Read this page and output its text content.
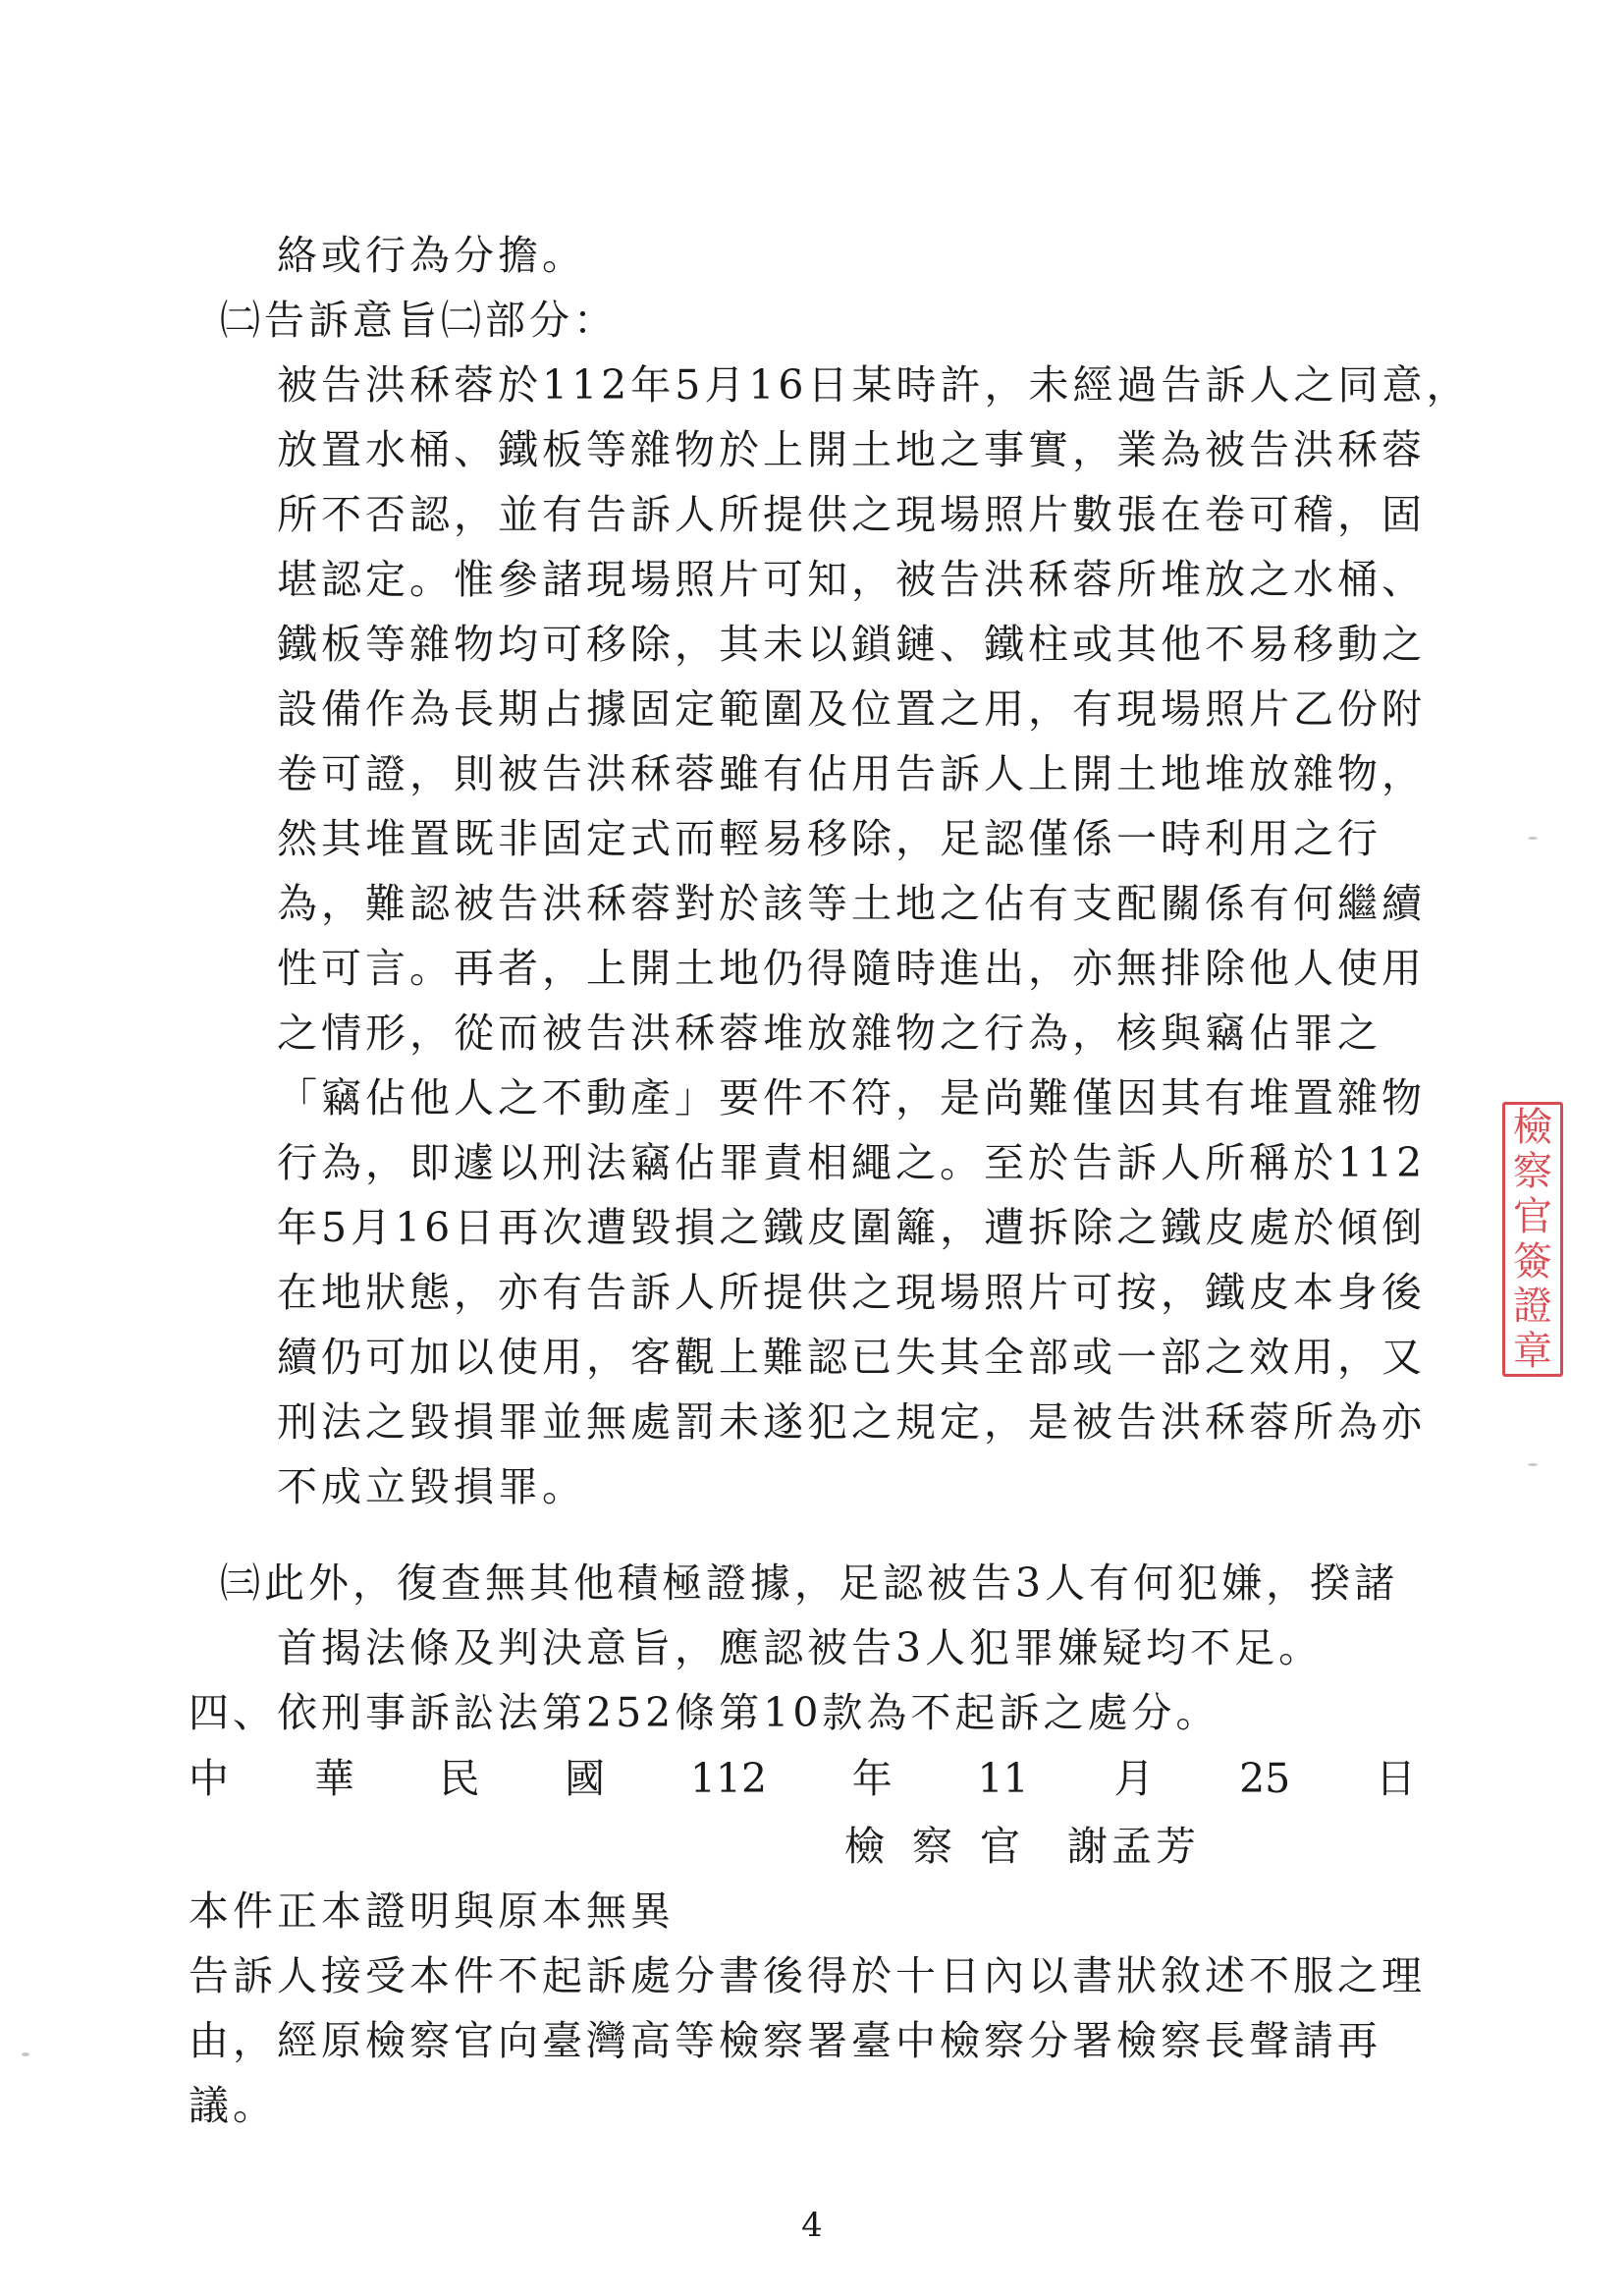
絡或行為分擔。
㈡告訴意旨㈡部分：
被告洪秝蓉於112年5月16日某時許，未經過告訴人之同意，
放置水桶、鐵板等雜物於上開土地之事實，業為被告洪秝蓉
所不否認，並有告訴人所提供之現場照片數張在卷可稽，固
堪認定。惟參諸現場照片可知，被告洪秝蓉所堆放之水桶、
鐵板等雜物均可移除，其未以鎖鏈、鐵柱或其他不易移動之
設備作為長期占據固定範圍及位置之用，有現場照片乙份附
卷可證，則被告洪秝蓉雖有佔用告訴人上開土地堆放雜物，
然其堆置既非固定式而輕易移除，足認僅係一時利用之行
為，難認被告洪秝蓉對於該等土地之佔有支配關係有何繼續
性可言。再者，上開土地仍得隨時進出，亦無排除他人使用
之情形，從而被告洪秝蓉堆放雜物之行為，核與竊佔罪之
「竊佔他人之不動產」要件不符，是尚難僅因其有堆置雜物
行為，即遽以刑法竊佔罪責相繩之。至於告訴人所稱於112
年5月16日再次遭毀損之鐵皮圍籬，遭拆除之鐵皮處於傾倒
在地狀態，亦有告訴人所提供之現場照片可按，鐵皮本身後
續仍可加以使用，客觀上難認已失其全部或一部之效用，又
刑法之毀損罪並無處罰未遂犯之規定，是被告洪秝蓉所為亦
不成立毀損罪。
㈢此外，復查無其他積極證據，足認被告3人有何犯嫌，揆諸
首揭法條及判決意旨，應認被告3人犯罪嫌疑均不足。
四、依刑事訴訟法第252條第10款為不起訴之處分。
中 華 民 國 112 年 11 月 25 日
檢察官 謝孟芳
本件正本證明與原本無異
告訴人接受本件不起訴處分書後得於十日內以書狀敘述不服之理
由，經原檢察官向臺灣高等檢察署臺中檢察分署檢察長聲請再
議。
4
檢
察
官
簽
證
章
